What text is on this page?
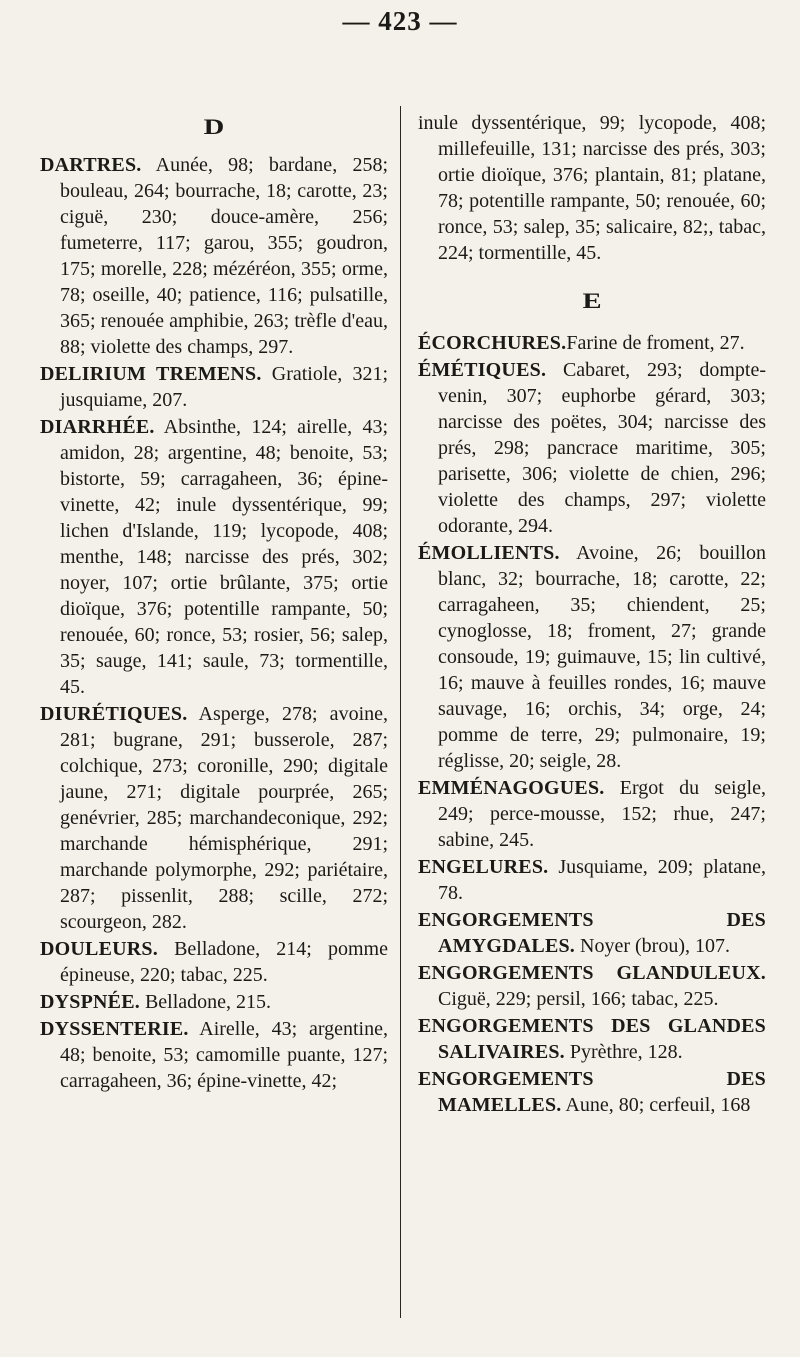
— 423 —
D

DARTRES. Aunée, 98; bardane, 258; bouleau, 264; bourrache, 18; carotte, 23; ciguë, 230; douce-amère, 256; fumeterre, 117; garou, 355; goudron, 175; morelle, 228; mézéréon, 355; orme, 78; oseille, 40; patience, 116; pulsatille, 365; renouée amphibie, 263; trèfle d'eau, 88; violette des champs, 297.

DELIRIUM TREMENS. Gratiole, 321; jusquiame, 207.

DIARRHÉE. Absinthe, 124; airelle, 43; amidon, 28; argentine, 48; benoite, 53; bistorte, 59; carragaheen, 36; épine-vinette, 42; inule dyssentérique, 99; lichen d'Islande, 119; lycopode, 408; menthe, 148; narcisse des prés, 302; noyer, 107; ortie brûlante, 375; ortie dioïque, 376; potentille rampante, 50; renouée, 60; ronce, 53; rosier, 56; salep, 35; sauge, 141; saule, 73; tormentille, 45.

DIURÉTIQUES. Asperge, 278; avoine, 281; bugrane, 291; busserole, 287; colchique, 273; coronille, 290; digitale jaune, 271; digitale pourprée, 265; genévrier, 285; marchandeconique, 292; marchande hémisphérique, 291; marchande polymorphe, 292; pariétaire, 287; pissenlit, 288; scille, 272; scourgeon, 282.

DOULEURS. Belladone, 214; pomme épineuse, 220; tabac, 225.

DYSPNÉE. Belladone, 215.

DYSSENTERIE. Airelle, 43; argentine, 48; benoite, 53; camomille puante, 127; carragaheen, 36; épine-vinette, 42;

inule dyssentérique, 99; lycopode, 408; millefeuille, 131; narcisse des prés, 303; ortie dioïque, 376; plantain, 81; platane, 78; potentille rampante, 50; renouée, 60; ronce, 53; salep, 35; salicaire, 82;, tabac, 224; tormentille, 45.

E

ÉCORCHURES.Farine de froment, 27.

ÉMÉTIQUES. Cabaret, 293; dompte-venin, 307; euphorbe gérard, 303; narcisse des poëtes, 304; narcisse des prés, 298; pancrace maritime, 305; parisette, 306; violette de chien, 296; violette des champs, 297; violette odorante, 294.

ÉMOLLIENTS. Avoine, 26; bouillon blanc, 32; bourrache, 18; carotte, 22; carragaheen, 35; chiendent, 25; cynoglosse, 18; froment, 27; grande consoude, 19; guimauve, 15; lin cultivé, 16; mauve à feuilles rondes, 16; mauve sauvage, 16; orchis, 34; orge, 24; pomme de terre, 29; pulmonaire, 19; réglisse, 20; seigle, 28.

EMMÉNAGOGUES. Ergot du seigle, 249; perce-mousse, 152; rhue, 247; sabine, 245.

ENGELURES. Jusquiame, 209; platane, 78.

ENGORGEMENTS DES AMYGDALES. Noyer (brou), 107.

ENGORGEMENTS GLANDULEUX. Ciguë, 229; persil, 166; tabac, 225.

ENGORGEMENTS DES GLANDES SALIVAIRES. Pyrèthre, 128.

ENGORGEMENTS DES MAMELLES. Aune, 80; cerfeuil, 168
